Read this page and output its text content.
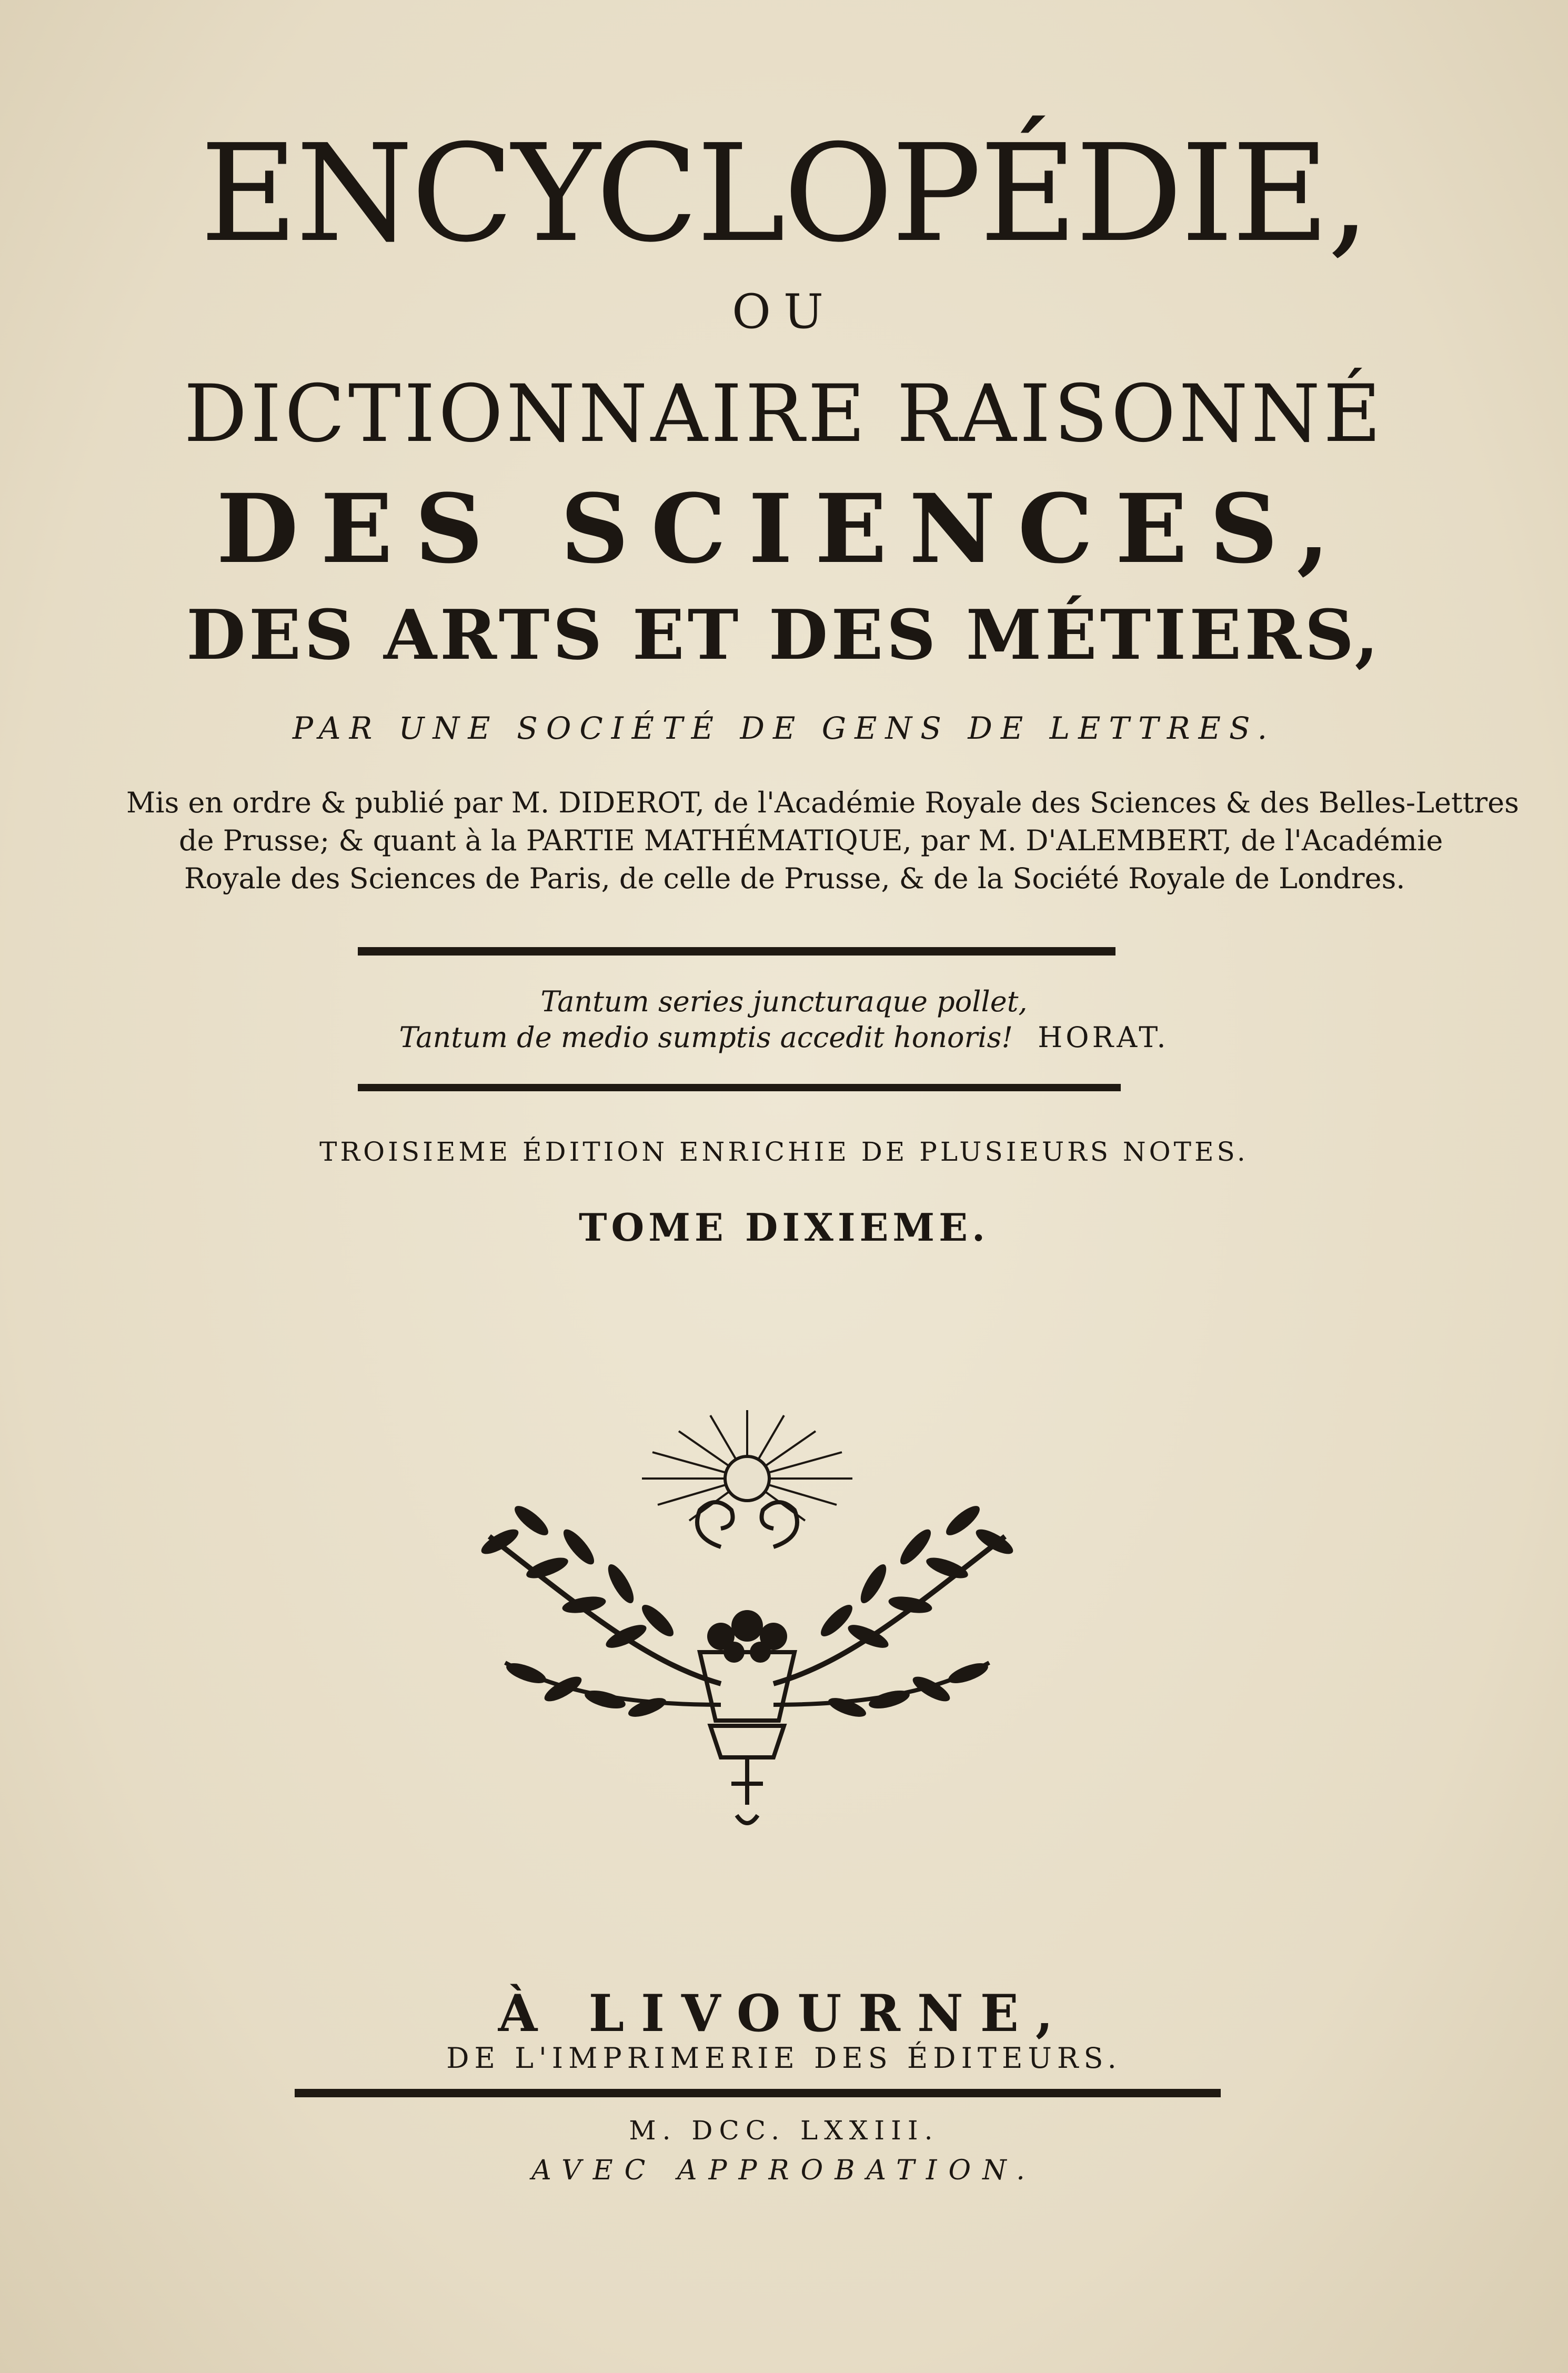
ENCYCLOPÉDIE,
OU
DICTIONNAIRE RAISONNÉ
DES SCIENCES,
DES ARTS ET DES MÉTIERS,
PAR UNE SOCIÉTÉ DE GENS DE LETTRES.
Mis en ordre & publié par M. DIDEROT, de l'Académie Royale des Sciences & des Belles-Lettres
de Prusse; & quant à la PARTIE MATHÉMATIQUE, par M. D'ALEMBERT, de l'Académie
Royale des Sciences de Paris, de celle de Prusse, & de la Société Royale de Londres.
Tantum series juncturaque pollet,
Tantum de medio sumptis accedit honoris! HORAT.
TROISIEME ÉDITION ENRICHIE DE PLUSIEURS NOTES.
TOME DIXIEME.
À LIVOURNE,
DE L'IMPRIMERIE DES ÉDITEURS.
M. DCC. LXXIII.
AVEC APPROBATION.
